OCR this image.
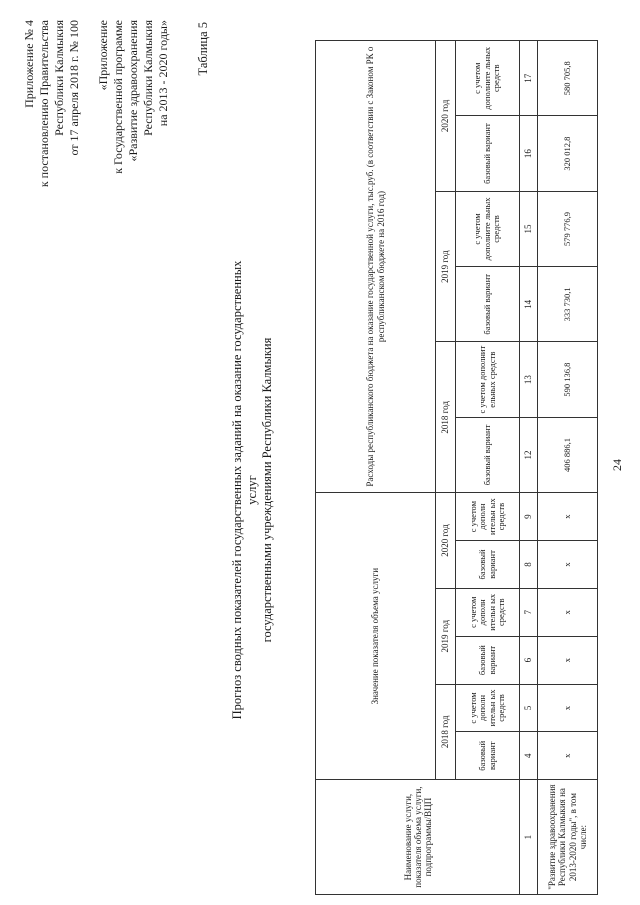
Приложение № 4 к постановлению Правительства Республики Калмыкия от 17 апреля 2018 г. № 100 «Приложение к Государственной программе «Развитие здравоохранения Республики Калмыкия на 2013 - 2020 годы» Таблица 5
Прогноз сводных показателей государственных заданий на оказание государственных услуг государственными учреждениями Республики Калмыкия
Наименование услуги, показателя объема услуги, подпрограммы/ВЦП	Значение показателя объема услуги						Расходы республиканского бюджета на оказание государственной услуги, тыс.руб. (в соответствии с Законом РК о республиканском бюджете на 2016 год)					
	2018 год		2019 год		2020 год		2018 год		2019 год		2020 год	
	базовый вариант	с учетом дополн ительн ых средств	базовый вариант	с учетом дополн ительн ых средств	базовый вариант	с учетом дополн ительн ых средств	базовый вариант	с учетом дополнит ельных средств	базовый вариант	с учетом дополните льных средств	базовый вариант	с учетом дополните льных средств
1	4	5	6	7	8	9	12	13	14	15	16	17
"Развитие здравоохранения Республики Калмыкия на 2013-2020 годы", в том числе:	x	x	x	x	x	x	406 886,1	590 136,8	333 730,1	579 776,9	320 012,8	580 705,8
24
